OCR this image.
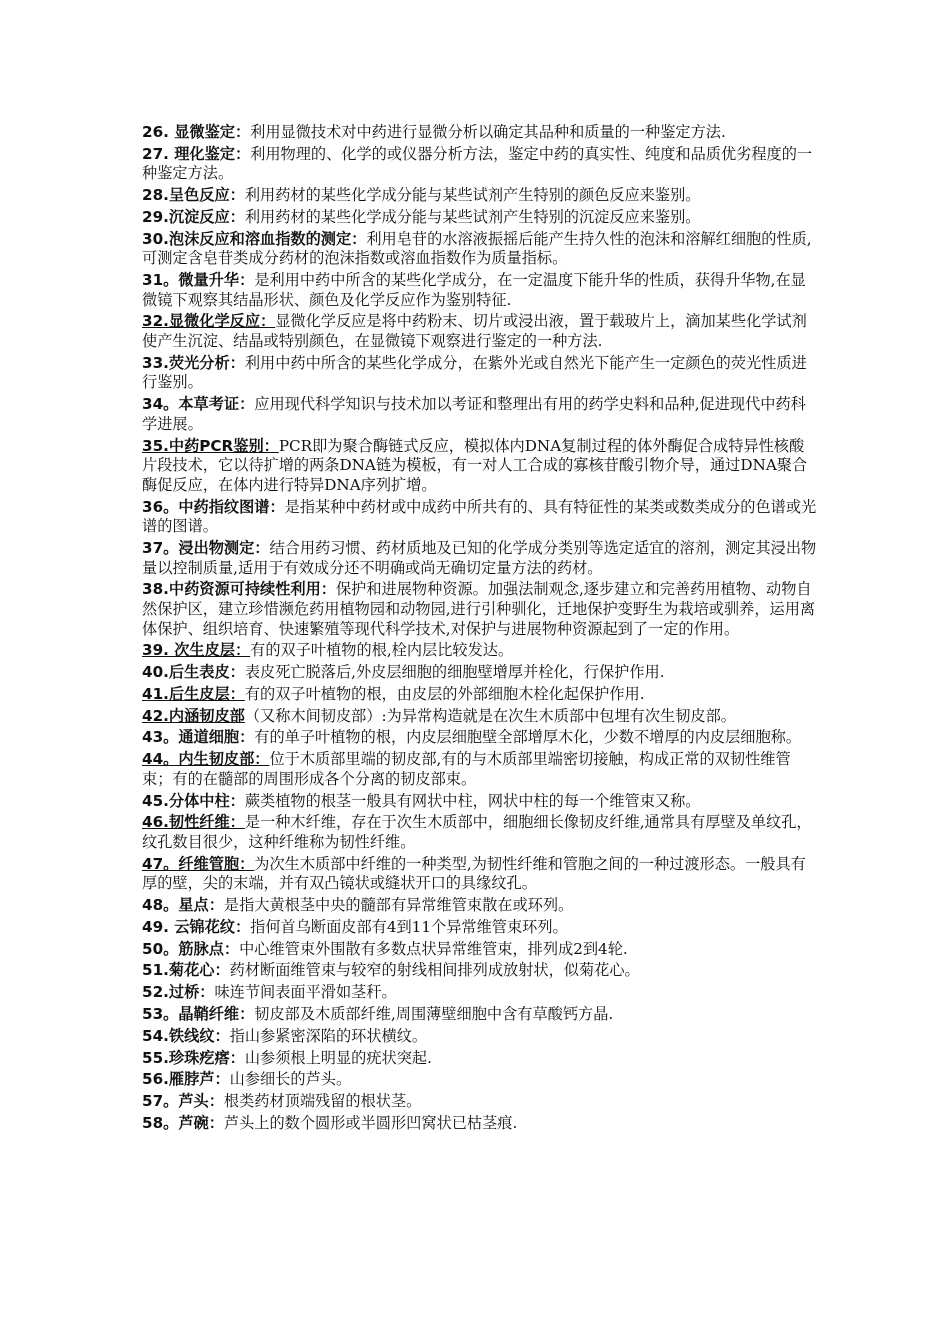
26. 显微鉴定：利用显微技术对中药进行显微分析以确定其品种和质量的一种鉴定方法.

27. 理化鉴定：利用物理的、化学的或仪器分析方法，鉴定中药的真实性、纯度和品质优劣程度的一种鉴定方法。

28.呈色反应：利用药材的某些化学成分能与某些试剂产生特别的颜色反应来鉴别。

29.沉淀反应：利用药材的某些化学成分能与某些试剂产生特别的沉淀反应来鉴别。

30.泡沫反应和溶血指数的测定：利用皂苷的水溶液振摇后能产生持久性的泡沫和溶解红细胞的性质,可测定含皂苷类成分药材的泡沫指数或溶血指数作为质量指标。

31。微量升华：是利用中药中所含的某些化学成分，在一定温度下能升华的性质，获得升华物,在显微镜下观察其结晶形状、颜色及化学反应作为鉴别特征.

32.显微化学反应：显微化学反应是将中药粉末、切片或浸出液，置于载玻片上，滴加某些化学试剂使产生沉淀、结晶或特别颜色，在显微镜下观察进行鉴定的一种方法.

33.荧光分析：利用中药中所含的某些化学成分，在紫外光或自然光下能产生一定颜色的荧光性质进行鉴别。

34。本草考证：应用现代科学知识与技术加以考证和整理出有用的药学史料和品种,促进现代中药科学进展。

35.中药PCR鉴别：PCR即为聚合酶链式反应，模拟体内DNA复制过程的体外酶促合成特异性核酸片段技术，它以待扩增的两条DNA链为模板，有一对人工合成的寡核苷酸引物介导，通过DNA聚合酶促反应，在体内进行特异DNA序列扩增。

36。中药指纹图谱：是指某种中药材或中成药中所共有的、具有特征性的某类或数类成分的色谱或光谱的图谱。

37。浸出物测定：结合用药习惯、药材质地及已知的化学成分类别等选定适宜的溶剂，测定其浸出物量以控制质量,适用于有效成分还不明确或尚无确切定量方法的药材。

38.中药资源可持续性利用：保护和进展物种资源。加强法制观念,逐步建立和完善药用植物、动物自然保护区，建立珍惜濒危药用植物园和动物园,进行引种驯化，迁地保护变野生为栽培或驯养，运用离体保护、组织培育、快速繁殖等现代科学技术,对保护与进展物种资源起到了一定的作用。

39. 次生皮层：有的双子叶植物的根,栓内层比较发达。

40.后生表皮：表皮死亡脱落后,外皮层细胞的细胞壁增厚并栓化，行保护作用.

41.后生皮层：有的双子叶植物的根，由皮层的外部细胞木栓化起保护作用.

42.内涵韧皮部（又称木间韧皮部）:为异常构造就是在次生木质部中包埋有次生韧皮部。

43。通道细胞：有的单子叶植物的根，内皮层细胞壁全部增厚木化，少数不增厚的内皮层细胞称。

44。内生韧皮部：位于木质部里端的韧皮部,有的与木质部里端密切接触，构成正常的双韧性维管束；有的在髓部的周围形成各个分离的韧皮部束。

45.分体中柱：蕨类植物的根茎一般具有网状中柱，网状中柱的每一个维管束又称。

46.韧性纤维：是一种木纤维，存在于次生木质部中，细胞细长像韧皮纤维,通常具有厚壁及单纹孔，纹孔数目很少，这种纤维称为韧性纤维。

47。纤维管胞：为次生木质部中纤维的一种类型,为韧性纤维和管胞之间的一种过渡形态。一般具有厚的壁，尖的末端，并有双凸镜状或缝状开口的具缘纹孔。

48。星点：是指大黄根茎中央的髓部有异常维管束散在或环列。

49. 云锦花纹：指何首乌断面皮部有4到11个异常维管束环列。

50。筋脉点：中心维管束外围散有多数点状异常维管束，排列成2到4轮.

51.菊花心：药材断面维管束与较窄的射线相间排列成放射状，似菊花心。

52.过桥：味连节间表面平滑如茎秆。

53。晶鞘纤维：韧皮部及木质部纤维,周围薄壁细胞中含有草酸钙方晶.

54.铁线纹：指山参紧密深陷的环状横纹。

55.珍珠疙瘩：山参须根上明显的疣状突起.

56.雁脖芦：山参细长的芦头。

57。芦头：根类药材顶端残留的根状茎。

58。芦碗：芦头上的数个圆形或半圆形凹窝状已枯茎痕.
